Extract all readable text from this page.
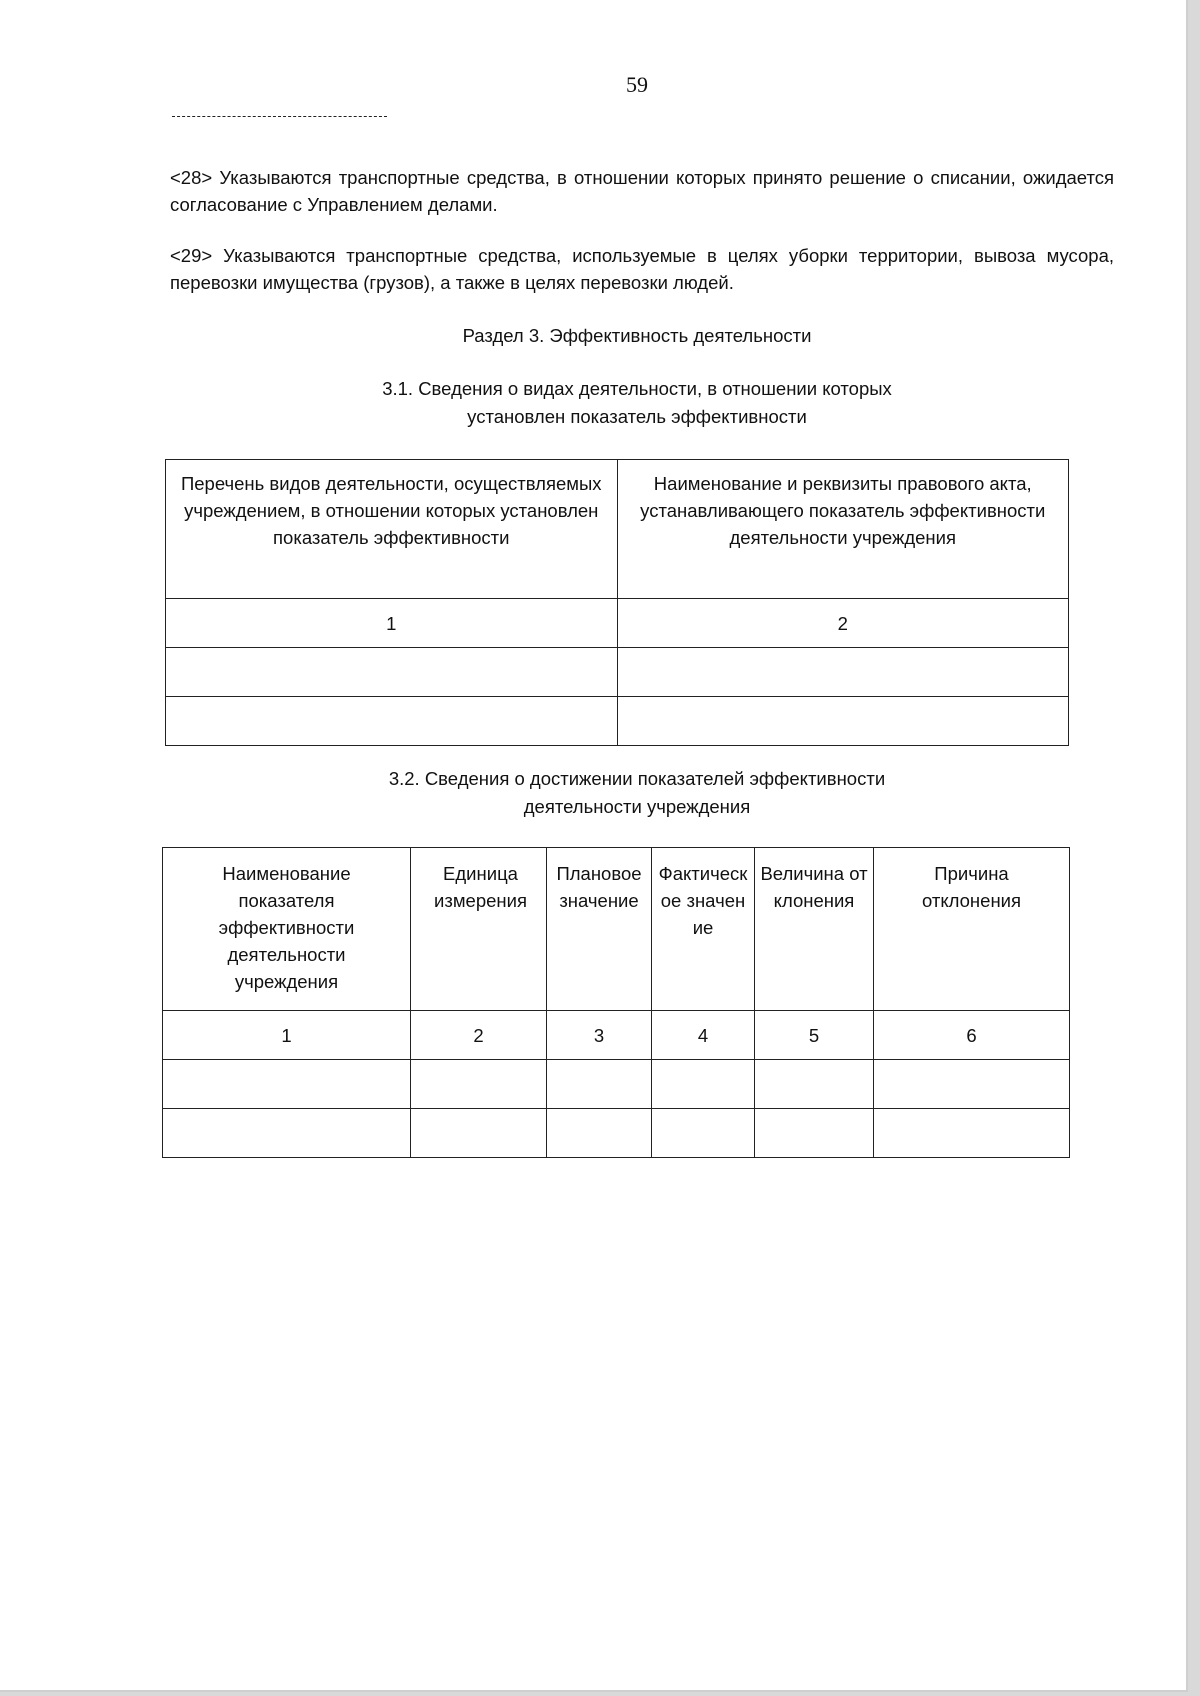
59
<28> Указываются транспортные средства, в отношении которых принято решение о списании, ожидается согласование с Управлением делами.
<29> Указываются транспортные средства, используемые в целях уборки территории, вывоза мусора, перевозки имущества (грузов), а также в целях перевозки людей.
Раздел 3. Эффективность деятельности
3.1. Сведения о видах деятельности, в отношении которых
установлен показатель эффективности
Перечень видов деятельности, осуществляемых учреждением, в отношении которых установлен показатель эффективности	Наименование и реквизиты правового акта, устанавливающего показатель эффективности деятельности учреждения
1	2

3.2. Сведения о достижении показателей эффективности
деятельности учреждения
Наименование показателя эффективности деятельности учреждения	Единица измерения	Плановое значение	Фактическое значение	Величина отклонения	Причина отклонения
1	2	3	4	5	6
